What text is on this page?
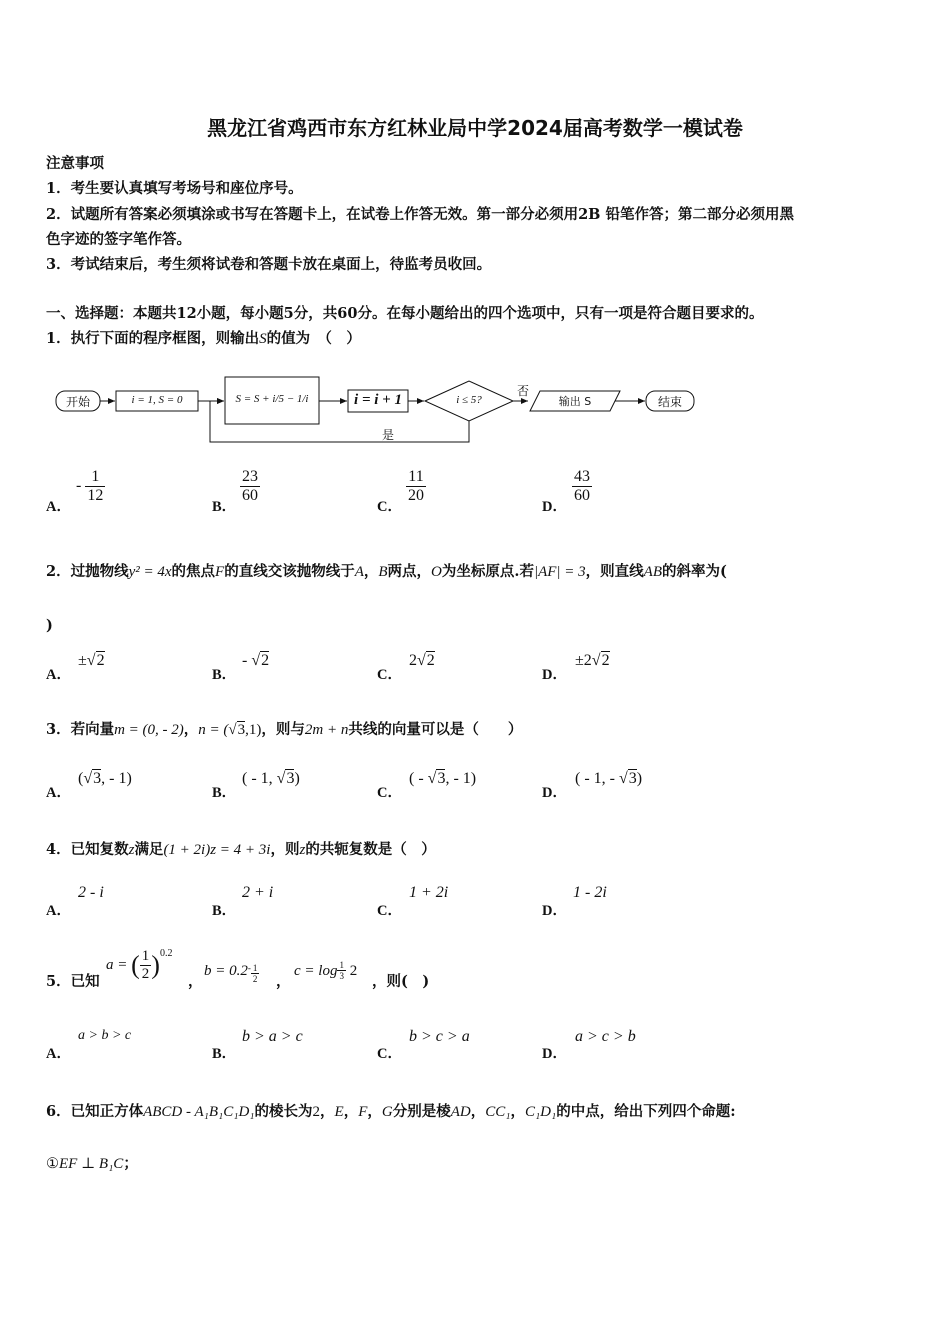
黑龙江省鸡西市东方红林业局中学2024届高考数学一模试卷
注意事项
1．考生要认真填写考场号和座位序号。
2．试题所有答案必须填涂或书写在答题卡上，在试卷上作答无效。第一部分必须用2B 铅笔作答；第二部分必须用黑
色字迹的签字笔作答。
3．考试结束后，考生须将试卷和答题卡放在桌面上，待监考员收回。
一、选择题：本题共12小题，每小题5分，共60分。在每小题给出的四个选项中，只有一项是符合题目要求的。
1．执行下面的程序框图，则输出S的值为　（　）
开始	i = 1, S = 0	S = S + i/5 − 1/i	i = i + 1	i ≤ 5?
否
输出 S	结束
是
A．
- $\frac{1}{12}$
B．
$\frac{23}{60}$
C．
$\frac{11}{20}$
D．
$\frac{43}{60}$
2．过抛物线y² = 4x的焦点F的直线交该抛物线于A，B两点，O为坐标原点.若|AF| = 3，则直线AB的斜率为(
)
A．
±√2
B．
- √2
C．
2√2
D．
±2√2
3．若向量m = (0, - 2)，n = (√3,1)，则与2m + n共线的向量可以是（　　）
A．
(√3, - 1)
B．
( - 1, √3)
C．
( - √3, - 1)
D．
( - 1, - √3)
4．已知复数z满足(1 + 2i)z = 4 + 3i，则z的共轭复数是（　）
A．
2 - i
B．
2 + i
C．
1 + 2i
D．
1 - 2i
5．已知
a = ( $\frac{1}{2} )^{0.2}$
，
$b = 0.2^- \frac{1}{2}$ ，
$c = \log \frac{1}{3} 2$
，则(　)
A．
a > b > c
B．
b > a > c
C．
b > c > a
D．
a > c > b
6．已知正方体ABCD - A₁B₁C₁D₁的棱长为2，E，F，G分别是棱AD，CC₁，C₁D₁的中点，给出下列四个命题:
①EF ⊥ B₁C；
